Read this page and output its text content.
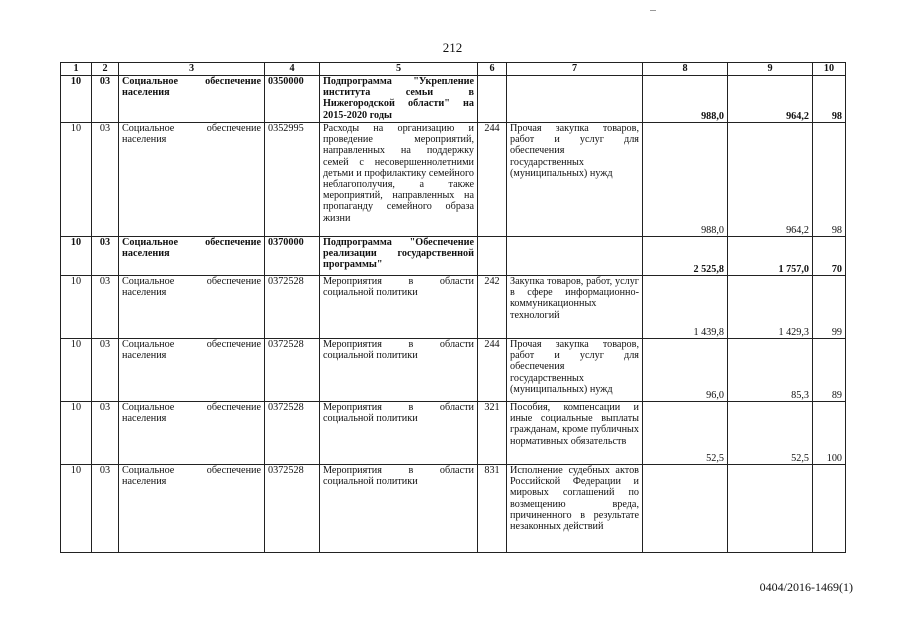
212
1	2	3	4	5	6	7	8	9	10
10	03	Социальное обеспечение населения	0350000	Подпрограмма "Укрепление института семьи в Нижегородской области" на 2015-2020 годы			988,0	964,2	98
10	03	Социальное обеспечение населения	0352995	Расходы на организацию и проведение мероприятий, направленных на поддержку семей с несовершеннолетними детьми и профилактику семейного неблагополучия, а также мероприятий, направленных на пропаганду семейного образа жизни	244	Прочая закупка товаров, работ и услуг для обеспечения государственных (муниципальных) нужд	988,0	964,2	98
10	03	Социальное обеспечение населения	0370000	Подпрограмма "Обеспечение реализации государственной программы"			2 525,8	1 757,0	70
10	03	Социальное обеспечение населения	0372528	Мероприятия в области социальной политики	242	Закупка товаров, работ, услуг в сфере информационно-коммуникационных технологий	1 439,8	1 429,3	99
10	03	Социальное обеспечение населения	0372528	Мероприятия в области социальной политики	244	Прочая закупка товаров, работ и услуг для обеспечения государственных (муниципальных) нужд	96,0	85,3	89
10	03	Социальное обеспечение населения	0372528	Мероприятия в области социальной политики	321	Пособия, компенсации и иные социальные выплаты гражданам, кроме публичных нормативных обязательств	52,5	52,5	100
10	03	Социальное обеспечение населения	0372528	Мероприятия в области социальной политики	831	Исполнение судебных актов Российской Федерации и мировых соглашений по возмещению вреда, причиненного в результате незаконных действий			
0404/2016-1469(1)
